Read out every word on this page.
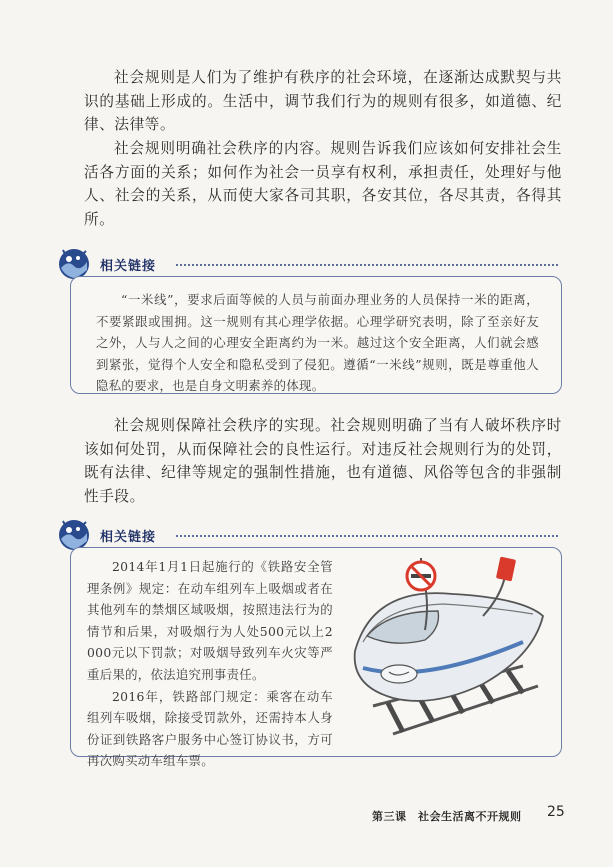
社会规则是人们为了维护有秩序的社会环境，在逐渐达成默契与共识的基础上形成的。生活中，调节我们行为的规则有很多，如道德、纪律、法律等。

社会规则明确社会秩序的内容。规则告诉我们应该如何安排社会生活各方面的关系；如何作为社会一员享有权利，承担责任，处理好与他人、社会的关系，从而使大家各司其职，各安其位，各尽其责，各得其所。

相关链接

“一米线”，要求后面等候的人员与前面办理业务的人员保持一米的距离，不要紧跟或围拥。这一规则有其心理学依据。心理学研究表明，除了至亲好友之外，人与人之间的心理安全距离约为一米。越过这个安全距离，人们就会感到紧张，觉得个人安全和隐私受到了侵犯。遵循“一米线”规则，既是尊重他人隐私的要求，也是自身文明素养的体现。

社会规则保障社会秩序的实现。社会规则明确了当有人破坏秩序时该如何处罚，从而保障社会的良性运行。对违反社会规则行为的处罚，既有法律、纪律等规定的强制性措施，也有道德、风俗等包含的非强制性手段。

相关链接

2014年1月1日起施行的《铁路安全管理条例》规定：在动车组列车上吸烟或者在其他列车的禁烟区域吸烟，按照违法行为的情节和后果，对吸烟行为人处500元以上2 000元以下罚款；对吸烟导致列车火灾等严重后果的，依法追究刑事责任。

2016年，铁路部门规定：乘客在动车组列车吸烟，除接受罚款外，还需持本人身份证到铁路客户服务中心签订协议书，方可再次购买动车组车票。

第三课　社会生活离不开规则 25
